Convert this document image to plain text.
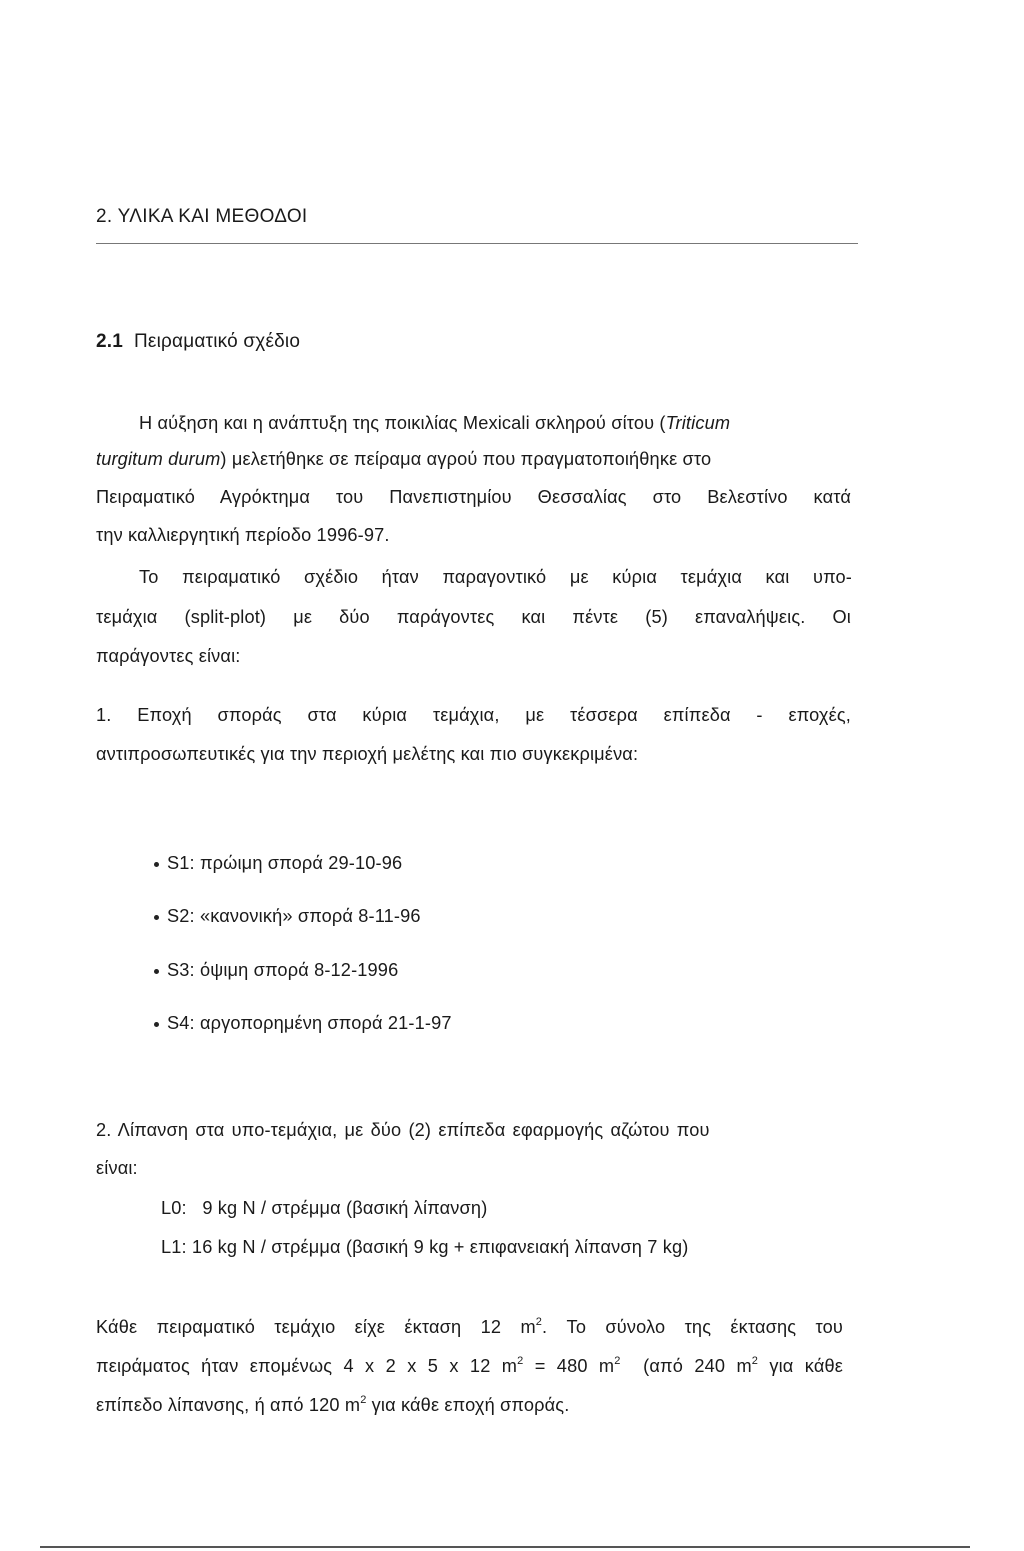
2. ΥΛΙΚΑ ΚΑΙ ΜΕΘΟΔΟΙ
2.1 Πειραματικό σχέδιο
Η αύξηση και η ανάπτυξη της ποικιλίας Mexicali σκληρού σίτου (Triticum
turgitum durum) μελετήθηκε σε πείραμα αγρού που πραγματοποιήθηκε στο
Πειραματικό Αγρόκτημα του Πανεπιστημίου Θεσσαλίας στο Βελεστίνο κατά
την καλλιεργητική περίοδο 1996-97.
Το πειραματικό σχέδιο ήταν παραγοντικό με κύρια τεμάχια και υπο-
τεμάχια (split-plot) με δύο παράγοντες και πέντε (5) επαναλήψεις. Οι
παράγοντες είναι:
1. Εποχή σποράς στα κύρια τεμάχια, με τέσσερα επίπεδα - εποχές,
αντιπροσωπευτικές για την περιοχή μελέτης και πιο συγκεκριμένα:
S1: πρώιμη σπορά 29-10-96
S2: «κανονική» σπορά 8-11-96
S3: όψιμη σπορά 8-12-1996
S4: αργοπορημένη σπορά 21-1-97
2. Λίπανση στα υπο-τεμάχια, με δύο (2) επίπεδα εφαρμογής αζώτου που
είναι:
L0:   9 kg N / στρέμμα (βασική λίπανση)
L1: 16 kg N / στρέμμα (βασική 9 kg + επιφανειακή λίπανση 7 kg)
Κάθε πειραματικό τεμάχιο είχε έκταση 12 $m^2$. Το σύνολο της έκτασης του
πειράματος ήταν επομένως 4 x 2 x 5 x 12 $m^2 = 480$ $m^2$  (από 240 $m^2$ για κάθε
επίπεδο λίπανσης, ή από 120 $m^2$ για κάθε εποχή σποράς.
